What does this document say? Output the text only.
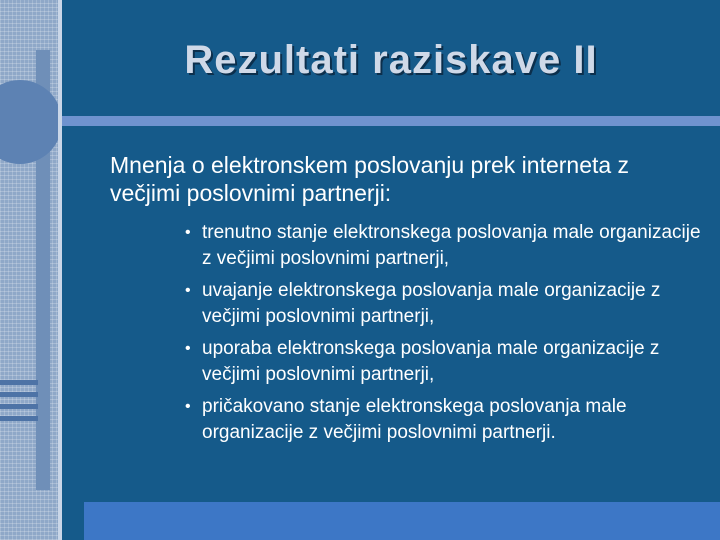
Rezultati raziskave II

Mnenja o elektronskem poslovanju prek interneta z večjimi poslovnimi partnerji:

• trenutno stanje elektronskega poslovanja male organizacije z večjimi poslovnimi partnerji,
• uvajanje elektronskega poslovanja male organizacije z večjimi poslovnimi partnerji,
• uporaba elektronskega poslovanja male organizacije z večjimi poslovnimi partnerji,
• pričakovano stanje elektronskega poslovanja male organizacije z večjimi poslovnimi partnerji.
